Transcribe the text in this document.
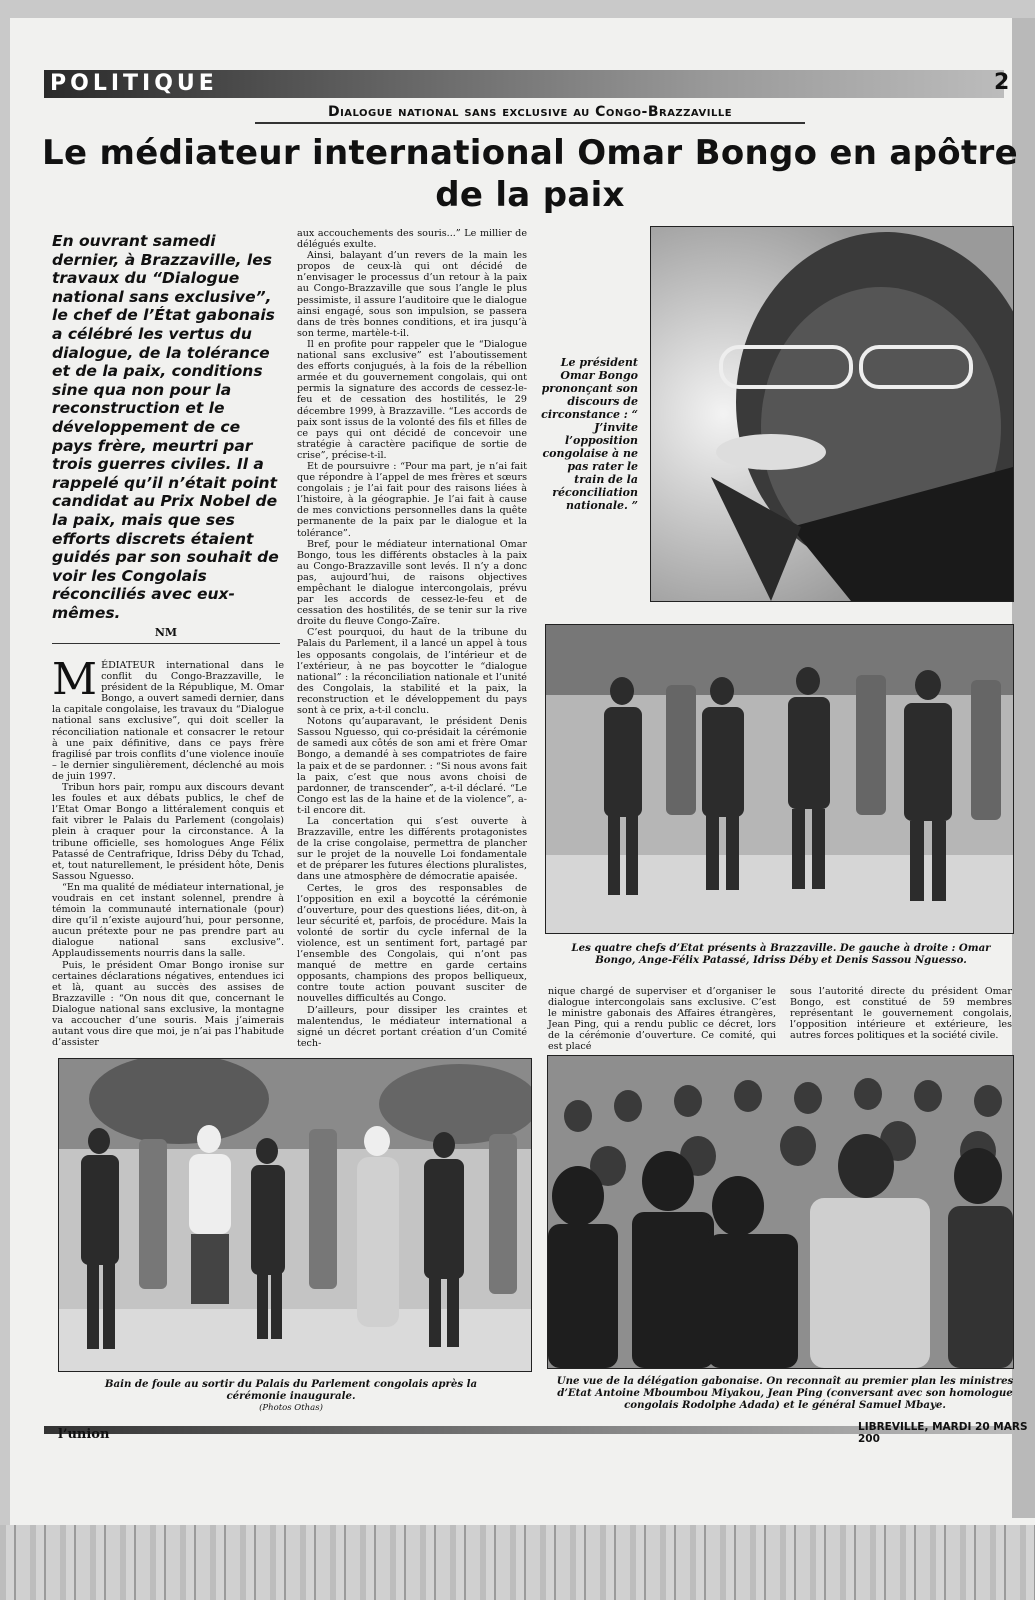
POLITIQUE	2
Dialogue national sans exclusive au Congo-Brazzaville
Le médiateur international Omar Bongo en apôtre
de la paix
En ouvrant samedi dernier, à Brazzaville, les travaux du “Dialogue national sans exclusive”, le chef de l’État gabonais a célébré les vertus du dialogue, de la tolérance et de la paix, conditions sine qua non pour la reconstruction et le développement de ce pays frère, meurtri par trois guerres civiles. Il a rappelé qu’il n’était point candidat au Prix Nobel de la paix, mais que ses efforts discrets étaient guidés par son souhait de voir les Congolais réconciliés avec eux-mêmes.
NM
M ÉDIATEUR international dans le conflit du Congo-Brazzaville, le président de la République, M. Omar Bongo, a ouvert samedi dernier, dans la capitale congolaise, les travaux du “Dialogue national sans exclusive”, qui doit sceller la réconciliation nationale et consacrer le retour à une paix définitive, dans ce pays frère fragilisé par trois conflits d’une violence inouïe – le dernier singulièrement, déclenché au mois de juin 1997.

Tribun hors pair, rompu aux discours devant les foules et aux débats publics, le chef de l’Etat Omar Bongo a littéralement conquis et fait vibrer le Palais du Parlement (congolais) plein à craquer pour la circonstance. À la tribune officielle, ses homologues Ange Félix Patassé de Centrafrique, Idriss Déby du Tchad, et, tout naturellement, le président hôte, Denis Sassou Nguesso.

“En ma qualité de médiateur international, je voudrais en cet instant solennel, prendre à témoin la communauté internationale (pour) dire qu’il n’existe aujourd’hui, pour personne, aucun prétexte pour ne pas prendre part au dialogue national sans exclusive”. Applaudissements nourris dans la salle.

Puis, le président Omar Bongo ironise sur certaines déclarations négatives, entendues ici et là, quant au succès des assises de Brazzaville : “On nous dit que, concernant le Dialogue national sans exclusive, la montagne va accoucher d’une souris. Mais j’aimerais autant vous dire que moi, je n’ai pas l’habitude d’assister

aux accouchements des souris...” Le millier de délégués exulte.

Ainsi, balayant d’un revers de la main les propos de ceux-là qui ont décidé de n’envisager le processus d’un retour à la paix au Congo-Brazzaville que sous l’angle le plus pessimiste, il assure l’auditoire que le dialogue ainsi engagé, sous son impulsion, se passera dans de très bonnes conditions, et ira jusqu’à son terme, martèle-t-il.

Il en profite pour rappeler que le “Dialogue national sans exclusive” est l’aboutissement des efforts conjugués, à la fois de la rébellion armée et du gouvernement congolais, qui ont permis la signature des accords de cessez-le-feu et de cessation des hostilités, le 29 décembre 1999, à Brazzaville. “Les accords de paix sont issus de la volonté des fils et filles de ce pays qui ont décidé de concevoir une stratégie à caractère pacifique de sortie de crise”, précise-t-il.

Et de poursuivre : “Pour ma part, je n’ai fait que répondre à l’appel de mes frères et sœurs congolais ; je l’ai fait pour des raisons liées à l’histoire, à la géographie. Je l’ai fait à cause de mes convictions personnelles dans la quête permanente de la paix par le dialogue et la tolérance”.

Bref, pour le médiateur international Omar Bongo, tous les différents obstacles à la paix au Congo-Brazzaville sont levés. Il n’y a donc pas, aujourd’hui, de raisons objectives empêchant le dialogue intercongolais, prévu par les accords de cessez-le-feu et de cessation des hostilités, de se tenir sur la rive droite du fleuve Congo-Zaïre.

C’est pourquoi, du haut de la tribune du Palais du Parlement, il a lancé un appel à tous les opposants congolais, de l’intérieur et de l’extérieur, à ne pas boycotter le “dialogue national” : la réconciliation nationale et l’unité des Congolais, la stabilité et la paix, la reconstruction et le développement du pays sont à ce prix, a-t-il conclu.

Notons qu’auparavant, le président Denis Sassou Nguesso, qui co-présidait la cérémonie de samedi aux côtés de son ami et frère Omar Bongo, a demandé à ses compatriotes de faire la paix et de se pardonner. : “Si nous avons fait la paix, c’est que nous avons choisi de pardonner, de transcender”, a-t-il déclaré. “Le Congo est las de la haine et de la violence”, a-t-il encore dit.

La concertation qui s’est ouverte à Brazzaville, entre les différents protagonistes de la crise congolaise, permettra de plancher sur le projet de la nouvelle Loi fondamentale et de préparer les futures élections pluralistes, dans une atmosphère de démocratie apaisée.

Certes, le gros des responsables de l’opposition en exil a boycotté la cérémonie d’ouverture, pour des questions liées, dit-on, à leur sécurité et, parfois, de procédure. Mais la volonté de sortir du cycle infernal de la violence, est un sentiment fort, partagé par l’ensemble des Congolais, qui n’ont pas manqué de mettre en garde certains opposants, champions des propos belliqueux, contre toute action pouvant susciter de nouvelles difficultés au Congo.

D’ailleurs, pour dissiper les craintes et malentendus, le médiateur international a signé un décret portant création d’un Comité tech-

Le président Omar Bongo prononçant son discours de circonstance : “ J’invite l’opposition congolaise à ne pas rater le train de la réconciliation nationale. ”
Les quatre chefs d’Etat présents à Brazzaville. De gauche à droite : Omar Bongo, Ange-Félix Patassé, Idriss Déby et Denis Sassou Nguesso.

nique chargé de superviser et d’organiser le dialogue intercongolais sans exclusive. C’est le ministre gabonais des Affaires étrangères, Jean Ping, qui a rendu public ce décret, lors de la cérémonie d’ouverture. Ce comité, qui est placé

sous l’autorité directe du président Omar Bongo, est constitué de 59 membres représentant le gouvernement congolais, l’opposition intérieure et extérieure, les autres forces politiques et la société civile.

Bain de foule au sortir du Palais du Parlement congolais après la cérémonie inaugurale.
(Photos Othas)
Une vue de la délégation gabonaise. On reconnaît au premier plan les ministres d’Etat Antoine Mboumbou Miyakou, Jean Ping (conversant avec son homologue congolais Rodolphe Adada) et le général Samuel Mbaye.
l’union	LIBREVILLE, MARDI 20 MARS 200
